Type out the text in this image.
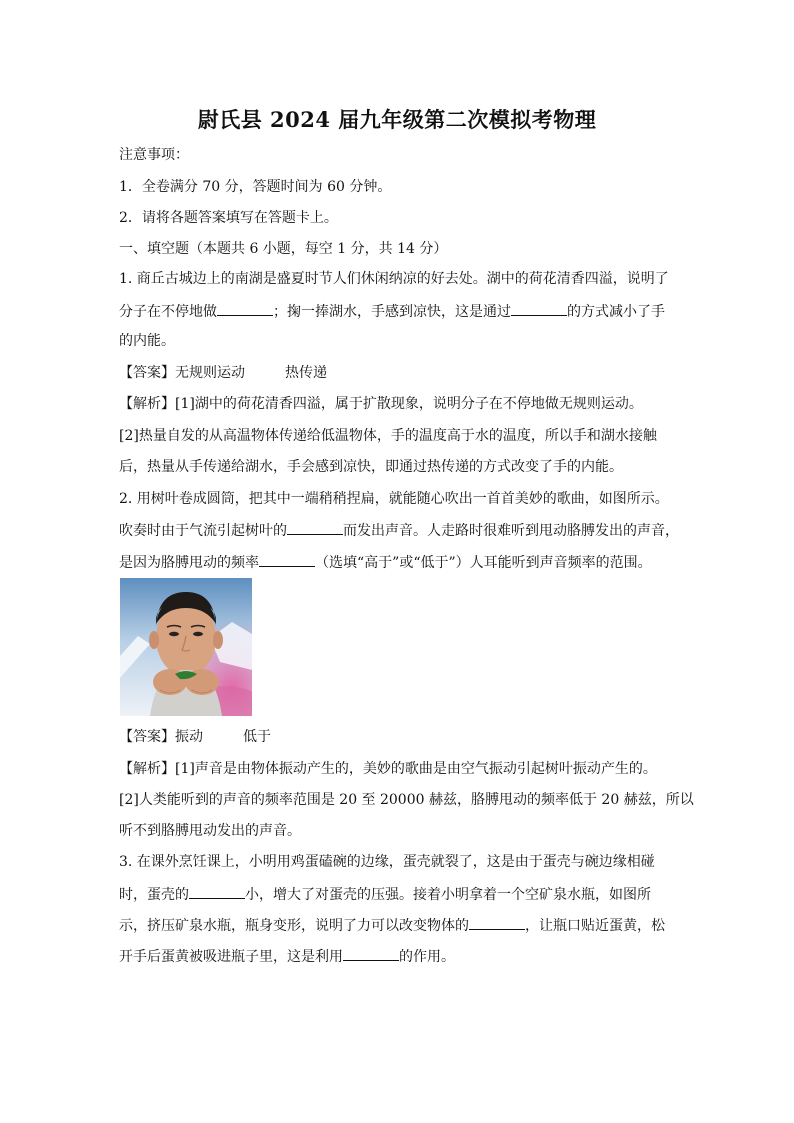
尉氏县 2024 届九年级第二次模拟考物理
注意事项：
1．全卷满分 70 分，答题时间为 60 分钟。
2．请将各题答案填写在答题卡上。
一、填空题（本题共 6 小题，每空 1 分，共 14 分）
1. 商丘古城边上的南湖是盛夏时节人们休闲纳凉的好去处。湖中的荷花清香四溢，说明了
分子在不停地做	；掬一捧湖水，手感到凉快，这是通过	的方式减小了手
的内能。
【答案】无规则运动	热传递
【解析】[1]湖中的荷花清香四溢，属于扩散现象，说明分子在不停地做无规则运动。
[2]热量自发的从高温物体传递给低温物体，手的温度高于水的温度，所以手和湖水接触
后，热量从手传递给湖水，手会感到凉快，即通过热传递的方式改变了手的内能。
2. 用树叶卷成圆筒，把其中一端稍稍捏扁，就能随心吹出一首首美妙的歌曲，如图所示。
吹奏时由于气流引起树叶的	而发出声音。人走路时很难听到甩动胳膊发出的声音，
是因为胳膊甩动的频率	（选填“高于”或“低于”）人耳能听到声音频率的范围。
【答案】振动	低于
【解析】[1]声音是由物体振动产生的，美妙的歌曲是由空气振动引起树叶振动产生的。
[2]人类能听到的声音的频率范围是 20 至 20000 赫兹，胳膊甩动的频率低于 20 赫兹，所以
听不到胳膊甩动发出的声音。
3. 在课外烹饪课上，小明用鸡蛋磕碗的边缘，蛋壳就裂了，这是由于蛋壳与碗边缘相碰
时，蛋壳的	小，增大了对蛋壳的压强。接着小明拿着一个空矿泉水瓶，如图所
示，挤压矿泉水瓶，瓶身变形，说明了力可以改变物体的	，让瓶口贴近蛋黄，松
开手后蛋黄被吸进瓶子里，这是利用	的作用。
